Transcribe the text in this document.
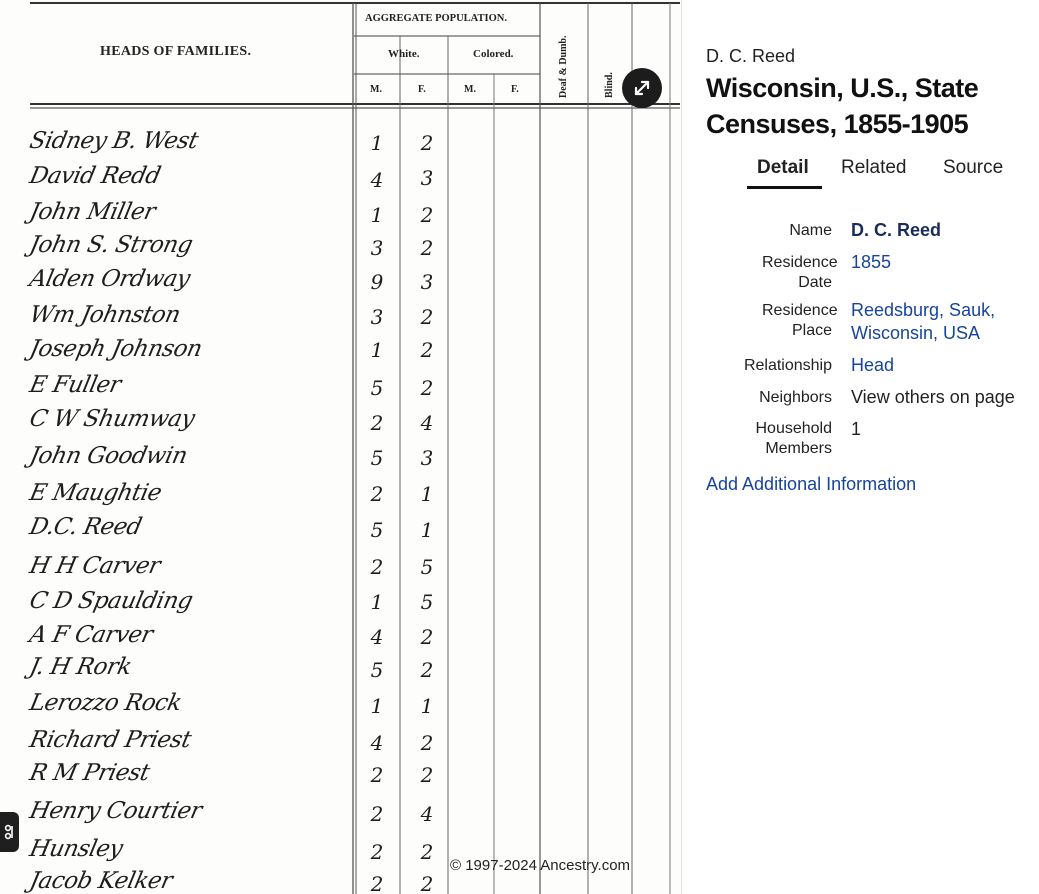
HEADS OF FAMILIES.
AGGREGATE POPULATION.
White.	Colored.
M.	F.	M.	F.	Deaf & Dumb.	Blind.
Sidney B. West	1	2
David Redd	4	3
John Miller	1	2
John S. Strong	3	2
Alden Ordway	9	3
Wm Johnston	3	2
Joseph Johnson	1	2
E Fuller	5	2
C W Shumway	2	4
John Goodwin	5	3
E Maughtie	2	1
D.C. Reed	5	1
H H Carver	2	5
C D Spaulding	1	5
A F Carver	4	2
J. H Rork	5	2
Lerozzo Rock	1	1
Richard Priest	4	2
R M Priest	2	2
Henry Courtier	2	4
Hunsley	2	2
Jacob Kelker	2	2
© 1997-2024 Ancestry.com
D. C. Reed
Wisconsin, U.S., State Censuses, 1855-1905
Detail Related Source
Name D. C. Reed
Residence Date
1855
Residence Place
Reedsburg, Sauk, Wisconsin, USA
Relationship Head
Neighbors View others on page
Household Members
1
Add Additional Information
